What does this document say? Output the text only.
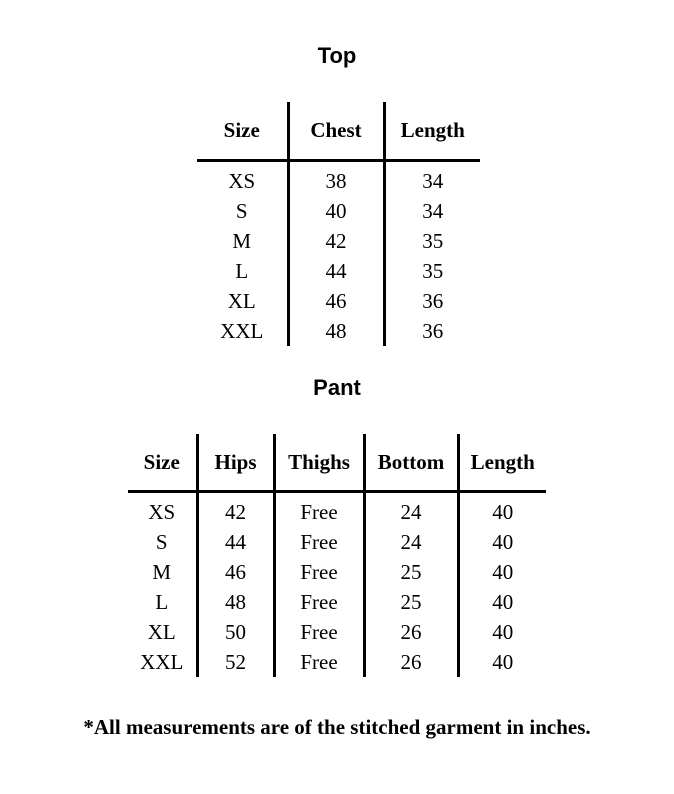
Top
Size	Chest	Length
XS	38	34
S	40	34
M	42	35
L	44	35
XL	46	36
XXL	48	36
Pant
Size	Hips	Thighs	Bottom	Length
XS	42	Free	24	40
S	44	Free	24	40
M	46	Free	25	40
L	48	Free	25	40
XL	50	Free	26	40
XXL	52	Free	26	40
*All measurements are of the stitched garment in inches.
